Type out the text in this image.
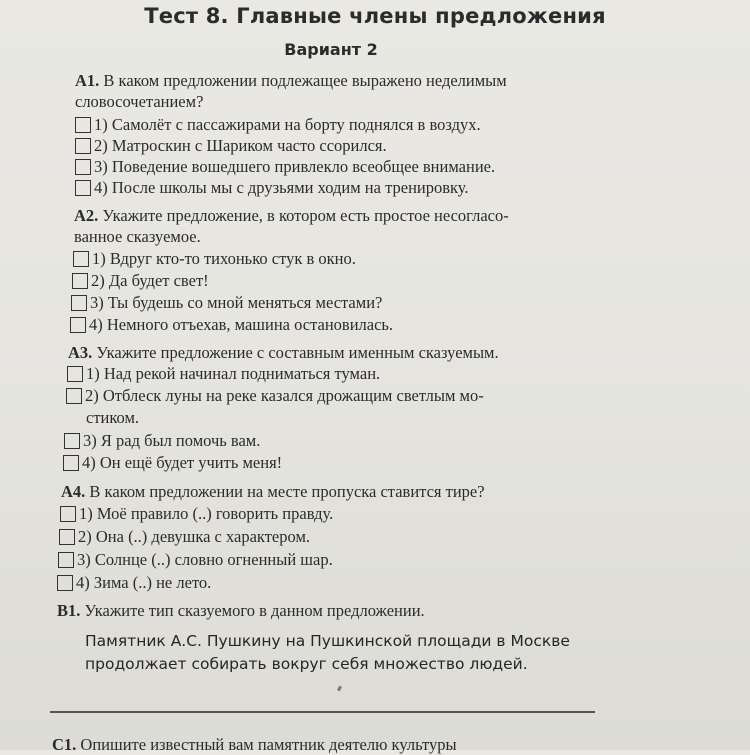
Тест 8. Главные члены предложения
Вариант 2
А1. В каком предложении подлежащее выражено неделимым
словосочетанием?
1) Самолёт с пассажирами на борту поднялся в воздух.
2) Матроскин с Шариком часто ссорился.
3) Поведение вошедшего привлекло всеобщее внимание.
4) После школы мы с друзьями ходим на тренировку.
А2. Укажите предложение, в котором есть простое несогласо-
ванное сказуемое.
1) Вдруг кто-то тихонько стук в окно.
2) Да будет свет!
3) Ты будешь со мной меняться местами?
4) Немного отъехав, машина остановилась.
А3. Укажите предложение с составным именным сказуемым.
1) Над рекой начинал подниматься туман.
2) Отблеск луны на реке казался дрожащим светлым мо-
стиком.
3) Я рад был помочь вам.
4) Он ещё будет учить меня!
А4. В каком предложении на месте пропуска ставится тире?
1) Моё правило (..) говорить правду.
2) Она (..) девушка с характером.
3) Солнце (..) словно огненный шар.
4) Зима (..) не лето.
В1. Укажите тип сказуемого в данном предложении.
Памятник А.С. Пушкину на Пушкинской площади в Москве
продолжает собирать вокруг себя множество людей.
С1. Опишите известный вам памятник деятелю культуры
